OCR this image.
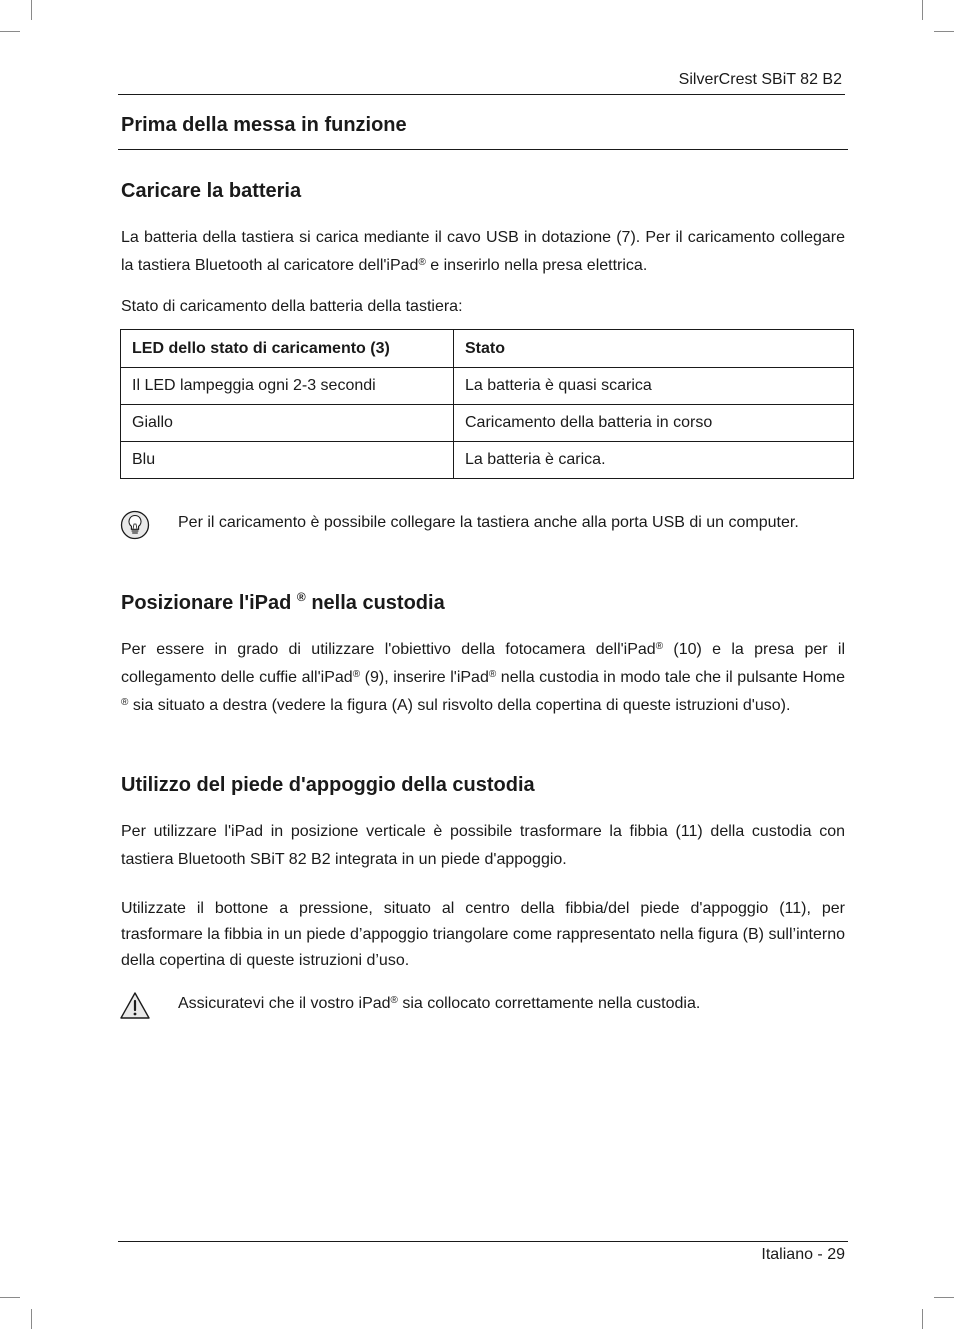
SilverCrest SBiT 82 B2
Prima della messa in funzione
Caricare la batteria

La batteria della tastiera si carica mediante il cavo USB in dotazione (7). Per il caricamento collegare la tastiera Bluetooth al caricatore dell'iPad® e inserirlo nella presa elettrica.

Stato di caricamento della batteria della tastiera:

LED dello stato di caricamento (3)	Stato
Il LED lampeggia ogni 2-3 secondi	La batteria è quasi scarica
Giallo	Caricamento della batteria in corso
Blu	La batteria è carica.
Per il caricamento è possibile collegare la tastiera anche alla porta USB di un computer.
Posizionare l'iPad ® nella custodia

Per essere in grado di utilizzare l'obiettivo della fotocamera dell'iPad® (10) e la presa per il collegamento delle cuffie all'iPad® (9), inserire l'iPad® nella custodia in modo tale che il pulsante Home ® sia situato a destra (vedere la figura (A) sul risvolto della copertina di queste istruzioni d'uso).

Utilizzo del piede d'appoggio della custodia

Per utilizzare l'iPad in posizione verticale è possibile trasformare la fibbia (11) della custodia con tastiera Bluetooth SBiT 82 B2 integrata in un piede d'appoggio.

Utilizzate il bottone a pressione, situato al centro della fibbia/del piede d'appoggio (11), per trasformare la fibbia in un piede d’appoggio triangolare come rappresentato nella figura (B) sull’interno della copertina di queste istruzioni d’uso.

Assicuratevi che il vostro iPad® sia collocato correttamente nella custodia.
Italiano - 29
